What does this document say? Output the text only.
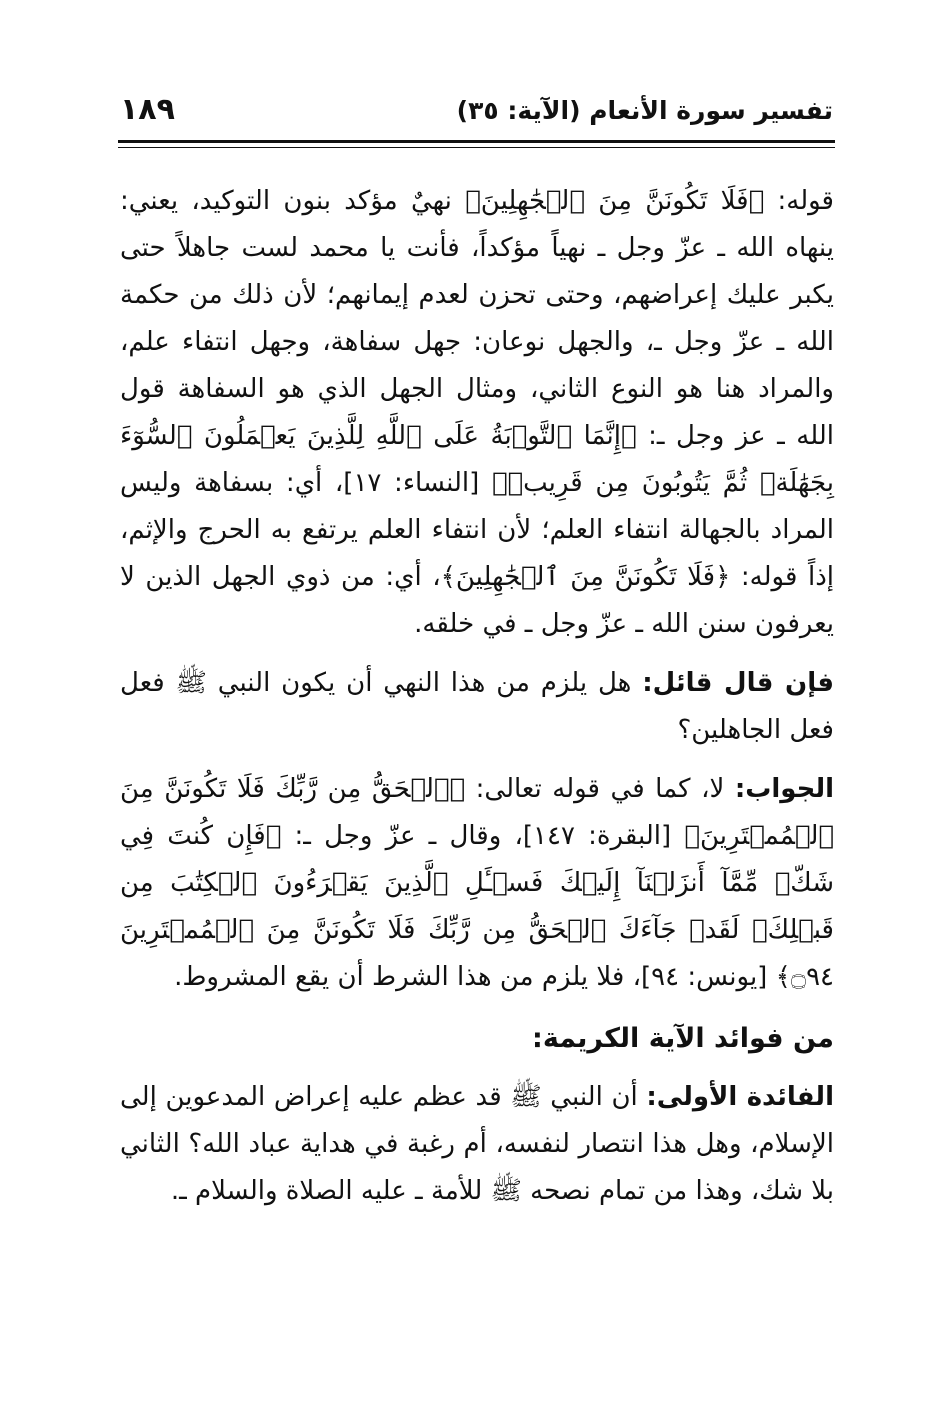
تفسير سورة الأنعام (الآية: ٣٥)
١٨٩

قوله: ﴿فَلَا تَكُونَنَّ مِنَ ٱلۡجَٰهِلِينَ﴾ نهيٌ مؤكد بنون التوكيد، يعني: ينهاه الله ـ عزّ وجل ـ نهياً مؤكداً، فأنت يا محمد لست جاهلاً حتى يكبر عليك إعراضهم، وحتى تحزن لعدم إيمانهم؛ لأن ذلك من حكمة الله ـ عزّ وجل ـ، والجهل نوعان: جهل سفاهة، وجهل انتفاء علم، والمراد هنا هو النوع الثاني، ومثال الجهل الذي هو السفاهة قول الله ـ عز وجل ـ: ﴿إِنَّمَا ٱلتَّوۡبَةُ عَلَى ٱللَّهِ لِلَّذِينَ يَعۡمَلُونَ ٱلسُّوٓءَ بِجَهَٰلَةٖ ثُمَّ يَتُوبُونَ مِن قَرِيبٖ﴾ [النساء: ١٧]، أي: بسفاهة وليس المراد بالجهالة انتفاء العلم؛ لأن انتفاء العلم يرتفع به الحرج والإثم، إذاً قوله: ﴿فَلَا تَكُونَنَّ مِنَ ٱلۡجَٰهِلِينَ﴾، أي: من ذوي الجهل الذين لا يعرفون سنن الله ـ عزّ وجل ـ في خلقه.

فإن قال قائل: هل يلزم من هذا النهي أن يكون النبي ﷺ فعل فعل الجاهلين؟

الجواب: لا، كما في قوله تعالى: ﴿ٱلۡحَقُّ مِن رَّبِّكَ فَلَا تَكُونَنَّ مِنَ ٱلۡمُمۡتَرِينَ﴾ [البقرة: ١٤٧]، وقال ـ عزّ وجل ـ: ﴿فَإِن كُنتَ فِي شَكّٖ مِّمَّآ أَنزَلۡنَآ إِلَيۡكَ فَسۡـَٔلِ ٱلَّذِينَ يَقۡرَءُونَ ٱلۡكِتَٰبَ مِن قَبۡلِكَۚ لَقَدۡ جَآءَكَ ٱلۡحَقُّ مِن رَّبِّكَ فَلَا تَكُونَنَّ مِنَ ٱلۡمُمۡتَرِينَ ۝٩٤﴾ [يونس: ٩٤]، فلا يلزم من هذا الشرط أن يقع المشروط.

من فوائد الآية الكريمة:

الفائدة الأولى: أن النبي ﷺ قد عظم عليه إعراض المدعوين إلى الإسلام، وهل هذا انتصار لنفسه، أم رغبة في هداية عباد الله؟ الثاني بلا شك، وهذا من تمام نصحه ﷺ للأمة ـ عليه الصلاة والسلام ـ.
